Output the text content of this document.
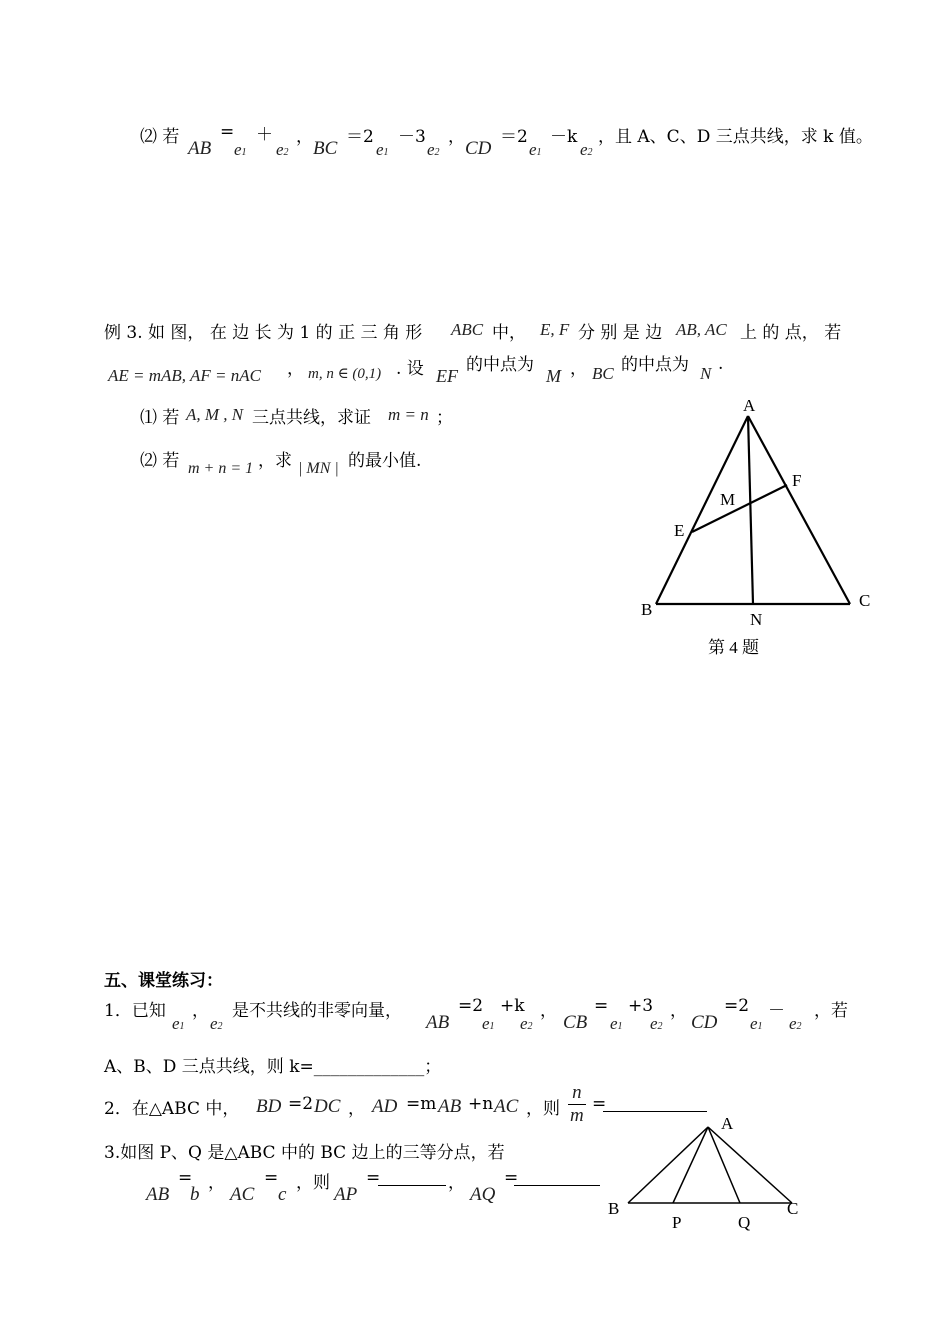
⑵ 若
AB
=
e1
＋
e2
，
BC
＝2
e1
－3
e2
，
CD
＝2
e1
－k
e2
，且 A、C、D 三点共线，求 k 值。
例 3. 如 图， 在 边 长 为 1 的 正 三 角 形 ABC 中， E, F 分 别 是 边 AB, AC 上 的 点， 若
AE = mAB, AF = nAC ， m, n ∈ (0,1) . 设 EF
的中点为
M ， BC 的中点为 N .
⑴ 若 A, M , N 三点共线，求证 m = n ；
⑵ 若 m + n = 1 ，求 | MN | 的最小值.
A
F
M
E
B
N
C
第 4 题
五、课堂练习：
1．已知
e1
，
e2
是不共线的非零向量，
AB
=2
e1
+k
e2
，
CB
=
e1
+3
e2
，
CD
=2
e1
－
e2
，若
A、B、D 三点共线，则 k=_____________；
2．在△ABC 中， BD =2 DC ， AD =m AB +n AC ，则 $\frac{n}{m}$ =
3.如图 P、Q 是△ABC 中的 BC 边上的三等分点，若
AB
=
b
，
AC
=
c
，则
AP
=	，
AQ
=
A
B
P	Q
C
